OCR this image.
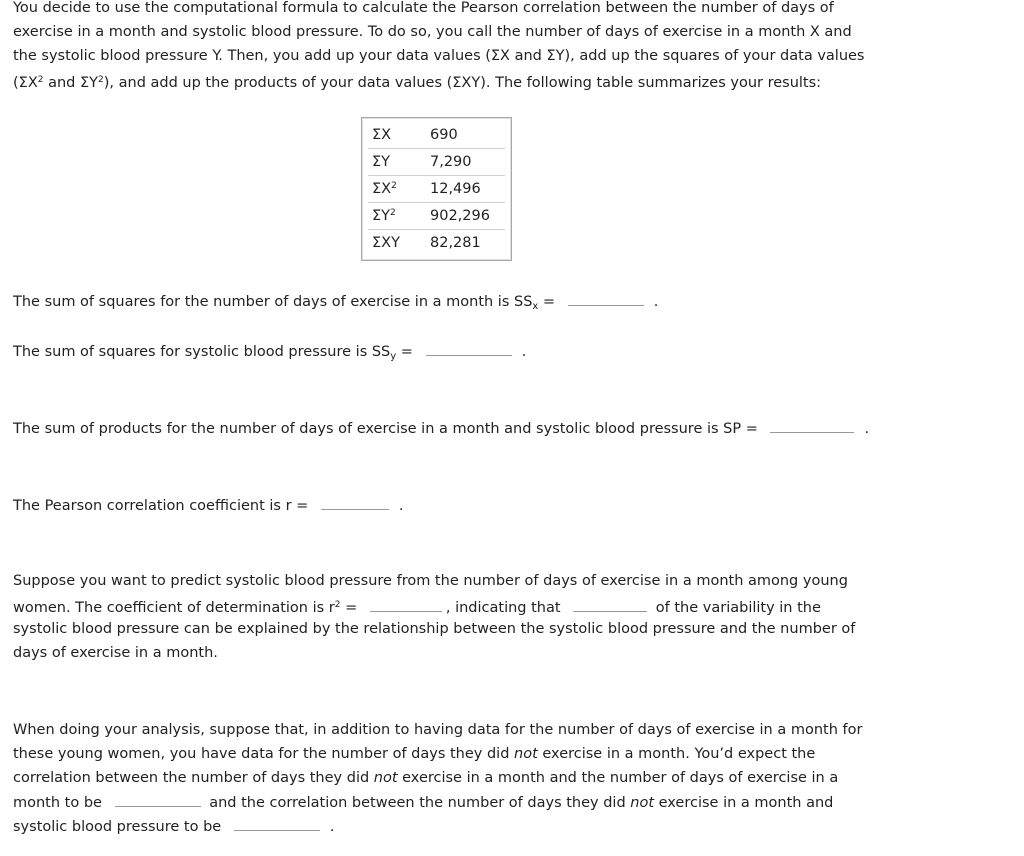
You decide to use the computational formula to calculate the Pearson correlation between the number of days of
exercise in a month and systolic blood pressure. To do so, you call the number of days of exercise in a month X and
the systolic blood pressure Y. Then, you add up your data values (ΣX and ΣY), add up the squares of your data values
($\Sigma X^2$ and $\Sigma Y^2$), and add up the products of your data values (ΣXY). The following table summarizes your results:
ΣX	690
ΣY	7,290
$\Sigma X^2$	12,496
$\Sigma Y^2$	902,296
ΣXY	82,281
The sum of squares for the number of days of exercise in a month is $SS_x$ =	.
The sum of squares for systolic blood pressure is $SS_y$ =	.
The sum of products for the number of days of exercise in a month and systolic blood pressure is SP =	.
The Pearson correlation coefficient is r =	.
Suppose you want to predict systolic blood pressure from the number of days of exercise in a month among young
women. The coefficient of determination is $r^2$ =	, indicating that	of the variability in the
systolic blood pressure can be explained by the relationship between the systolic blood pressure and the number of
days of exercise in a month.
When doing your analysis, suppose that, in addition to having data for the number of days of exercise in a month for
these young women, you have data for the number of days they did not exercise in a month. You’d expect the
correlation between the number of days they did not exercise in a month and the number of days of exercise in a
month to be	and the correlation between the number of days they did not exercise in a month and
systolic blood pressure to be	.
